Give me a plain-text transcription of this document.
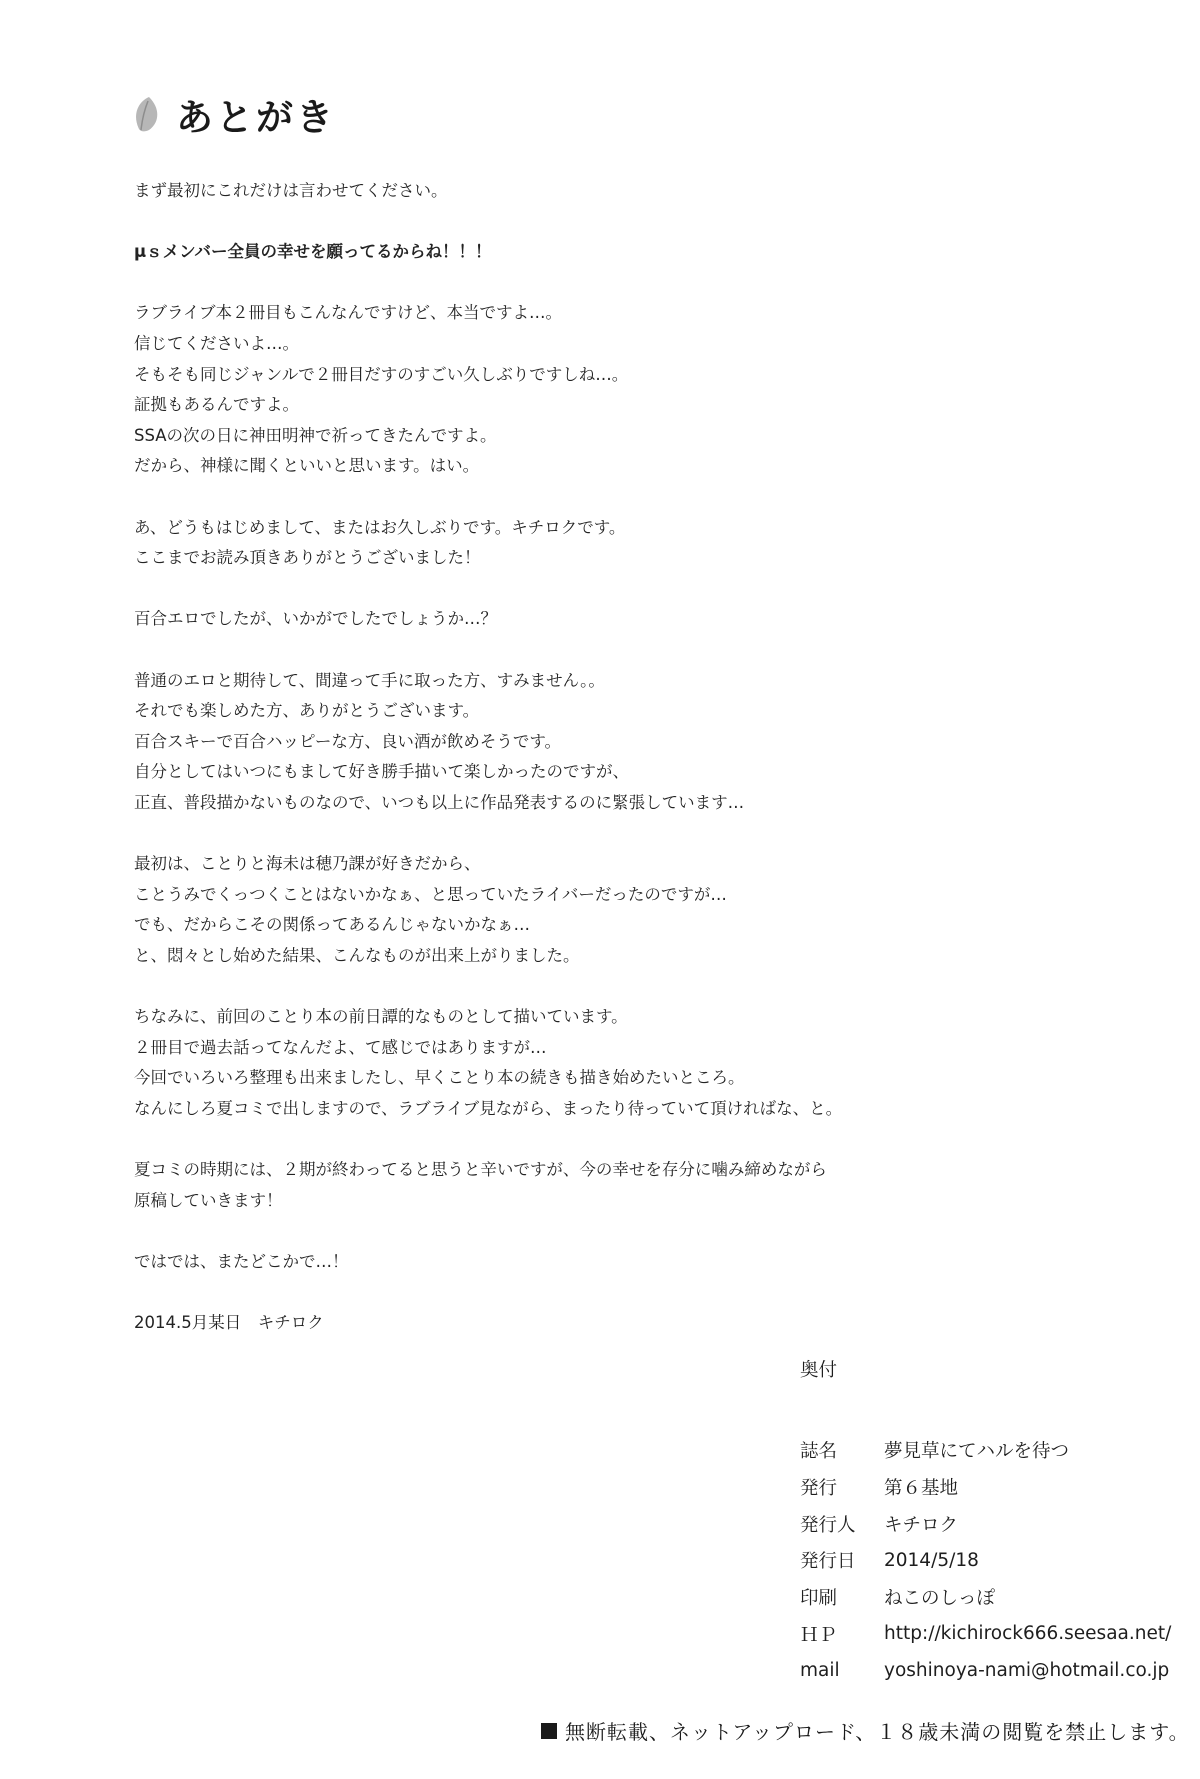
あとがき
まず最初にこれだけは言わせてください。
μｓメンバー全員の幸せを願ってるからね！！！
ラブライブ本２冊目もこんなんですけど、本当ですよ…。
信じてくださいよ…。
そもそも同じジャンルで２冊目だすのすごい久しぶりですしね…。
証拠もあるんですよ。
SSAの次の日に神田明神で祈ってきたんですよ。
だから、神様に聞くといいと思います。はい。
あ、どうもはじめまして、またはお久しぶりです。キチロクです。
ここまでお読み頂きありがとうございました！
百合エロでしたが、いかがでしたでしょうか…？
普通のエロと期待して、間違って手に取った方、すみません。。
それでも楽しめた方、ありがとうございます。
百合スキーで百合ハッピーな方、良い酒が飲めそうです。
自分としてはいつにもまして好き勝手描いて楽しかったのですが、
正直、普段描かないものなので、いつも以上に作品発表するのに緊張しています…
最初は、ことりと海未は穂乃課が好きだから、
ことうみでくっつくことはないかなぁ、と思っていたライバーだったのですが…
でも、だからこその関係ってあるんじゃないかなぁ…
と、悶々とし始めた結果、こんなものが出来上がりました。
ちなみに、前回のことり本の前日譚的なものとして描いています。
２冊目で過去話ってなんだよ、て感じではありますが…
今回でいろいろ整理も出来ましたし、早くことり本の続きも描き始めたいところ。
なんにしろ夏コミで出しますので、ラブライブ見ながら、まったり待っていて頂ければな、と。
夏コミの時期には、２期が終わってると思うと辛いですが、今の幸せを存分に噛み締めながら
原稿していきます！
ではでは、またどこかで…！

2014.5月某日　キチロク

奥付
誌名	夢見草にてハルを待つ
発行	第６基地
発行人	キチロク
発行日	2014/5/18
印刷	ねこのしっぽ
ＨＰ	http://kichirock666.seesaa.net/
mail	yoshinoya-nami@hotmail.co.jp
無断転載、ネットアップロード、１８歳未満の閲覧を禁止します。
